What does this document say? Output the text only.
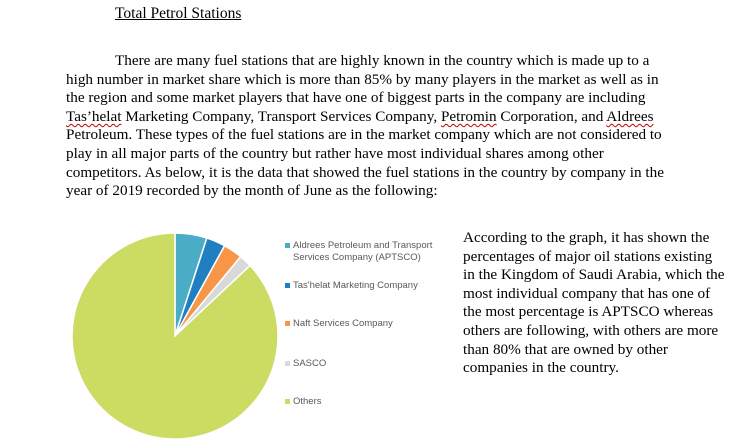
Total Petrol Stations

There are many fuel stations that are highly known in the country which is made up to a high number in market share which is more than 85% by many players in the market as well as in the region and some market players that have one of biggest parts in the company are including Tas’helat Marketing Company, Transport Services Company, Petromin Corporation, and Aldrees Petroleum. These types of the fuel stations are in the market company which are not considered to play in all major parts of the country but rather have most individual shares among other competitors. As below, it is the data that showed the fuel stations in the country by company in the year of 2019 recorded by the month of June as the following:

Aldrees Petroleum and Transport
Services Company (APTSCO)
Tas'helat Marketing Company
Naft Services Company
SASCO
Others

According to the graph, it has shown the percentages of major oil stations existing in the Kingdom of Saudi Arabia, which the most individual company that has one of the most percentage is APTSCO whereas others are following, with others are more than 80% that are owned by other companies in the country.
